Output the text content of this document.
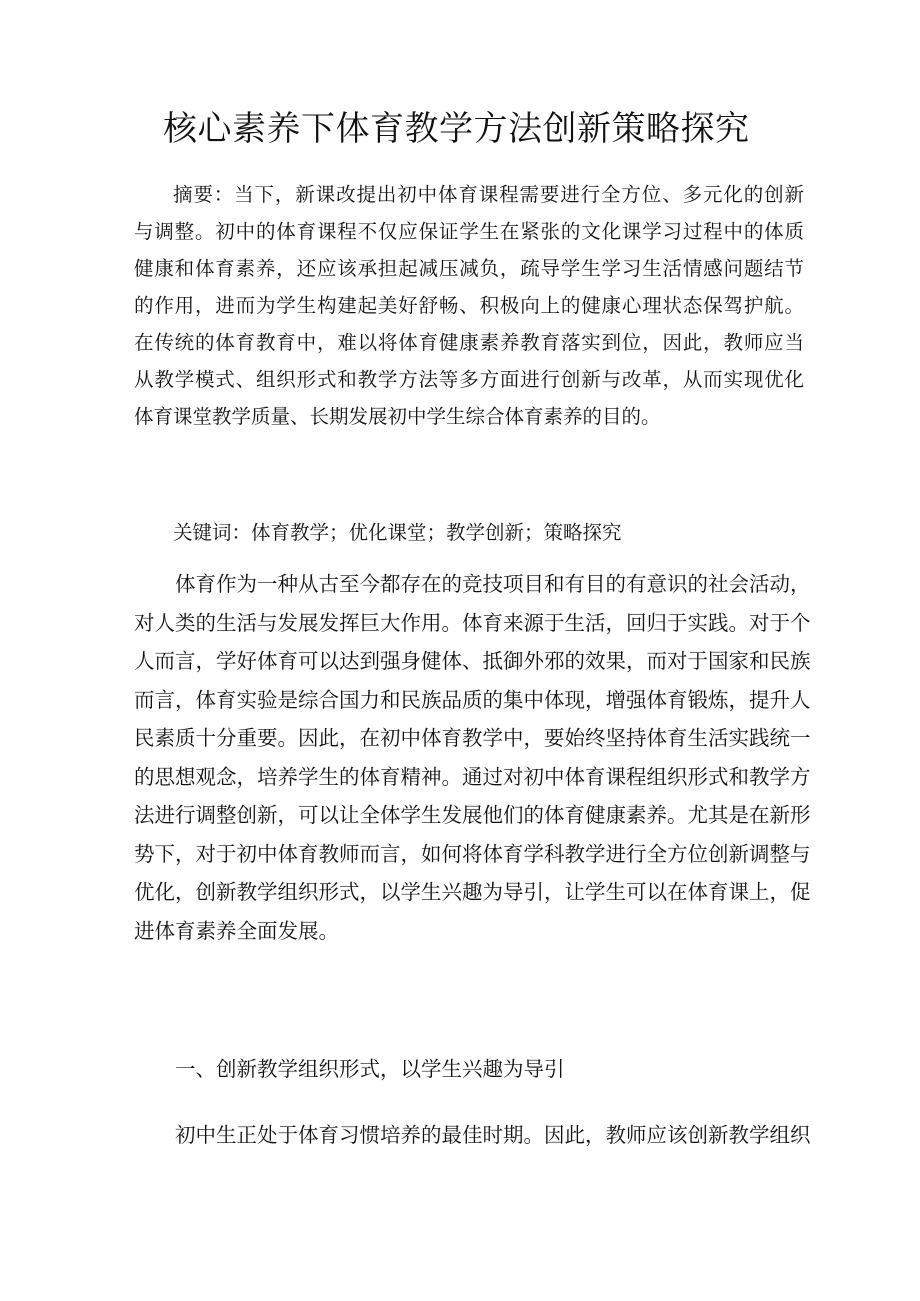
核心素养下体育教学方法创新策略探究
摘要：当下，新课改提出初中体育课程需要进行全方位、多元化的创新
与调整。初中的体育课程不仅应保证学生在紧张的文化课学习过程中的体质
健康和体育素养，还应该承担起减压减负，疏导学生学习生活情感问题结节
的作用，进而为学生构建起美好舒畅、积极向上的健康心理状态保驾护航。
在传统的体育教育中，难以将体育健康素养教育落实到位，因此，教师应当
从教学模式、组织形式和教学方法等多方面进行创新与改革，从而实现优化
体育课堂教学质量、长期发展初中学生综合体育素养的目的。
关键词：体育教学；优化课堂；教学创新；策略探究
体育作为一种从古至今都存在的竞技项目和有目的有意识的社会活动，
对人类的生活与发展发挥巨大作用。体育来源于生活，回归于实践。对于个
人而言，学好体育可以达到强身健体、抵御外邪的效果，而对于国家和民族
而言，体育实验是综合国力和民族品质的集中体现，增强体育锻炼，提升人
民素质十分重要。因此，在初中体育教学中，要始终坚持体育生活实践统一
的思想观念，培养学生的体育精神。通过对初中体育课程组织形式和教学方
法进行调整创新，可以让全体学生发展他们的体育健康素养。尤其是在新形
势下，对于初中体育教师而言，如何将体育学科教学进行全方位创新调整与
优化，创新教学组织形式，以学生兴趣为导引，让学生可以在体育课上，促
进体育素养全面发展。
一、创新教学组织形式，以学生兴趣为导引
初中生正处于体育习惯培养的最佳时期。因此，教师应该创新教学组织
